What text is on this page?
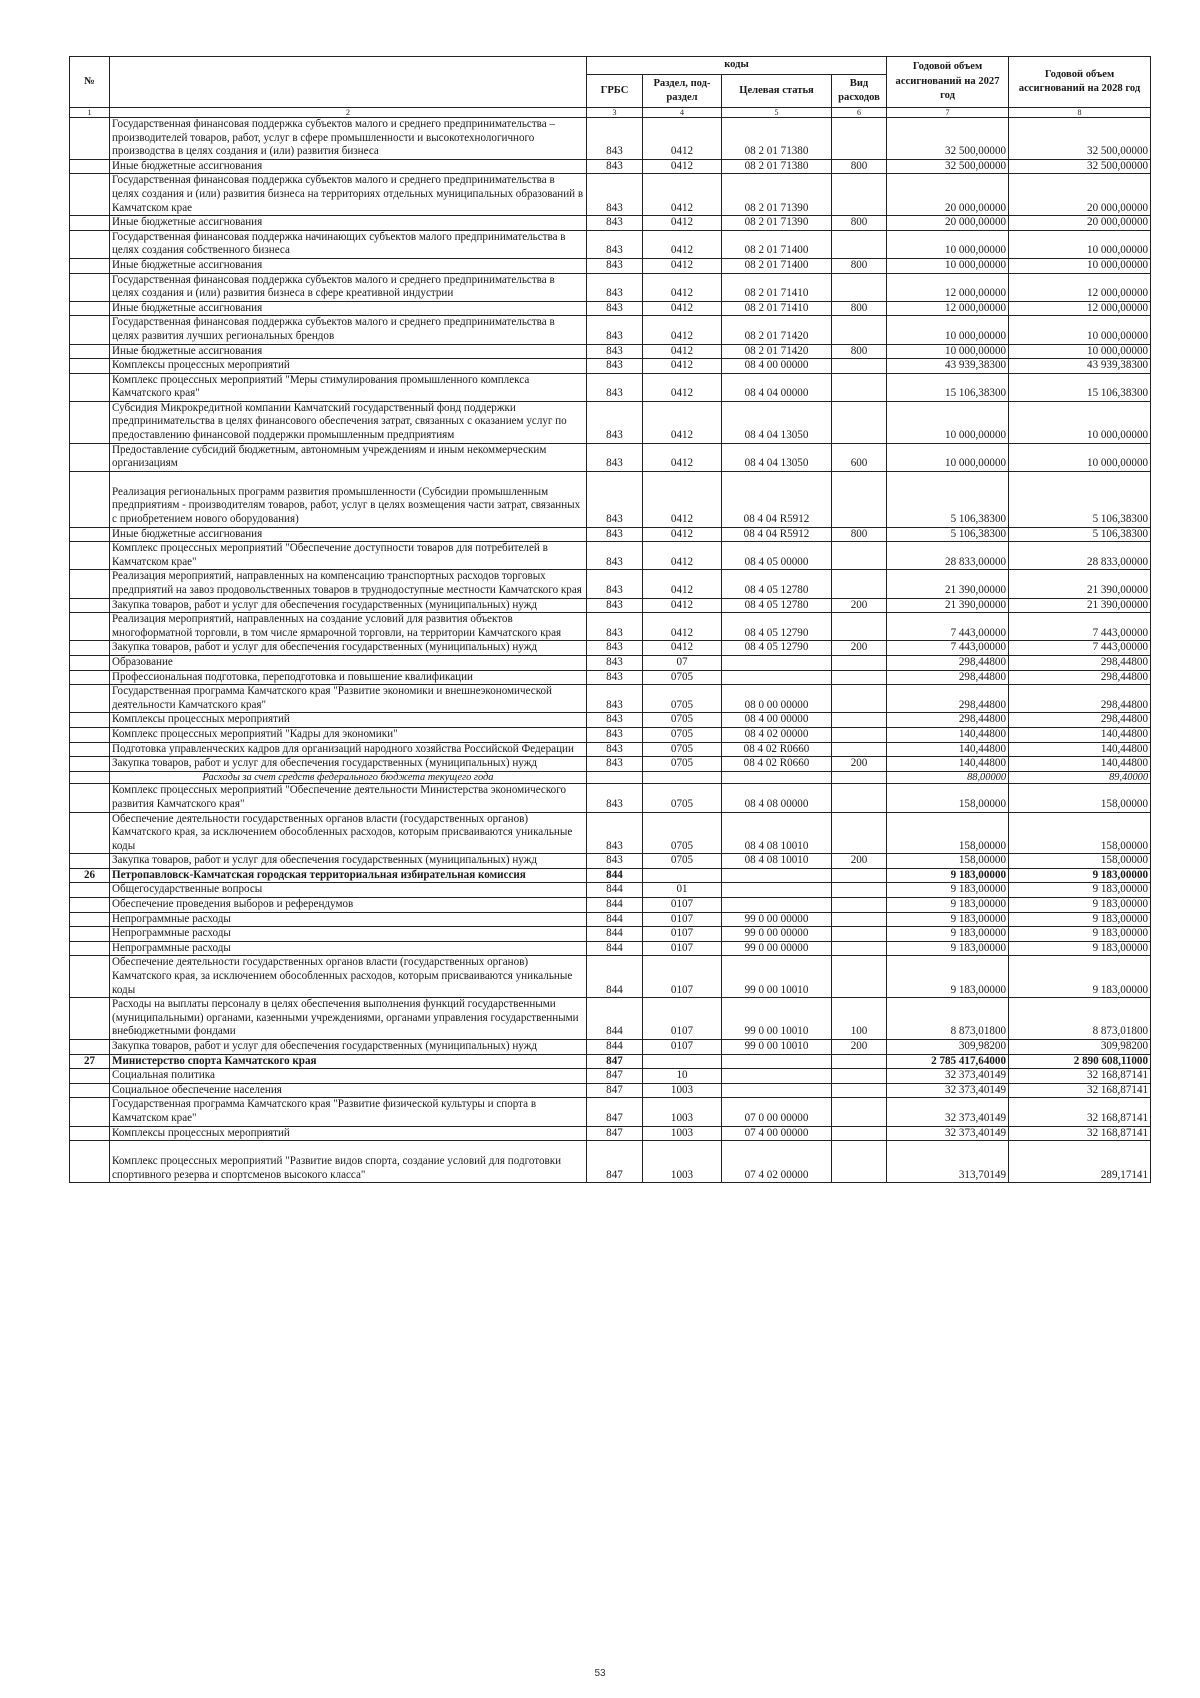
№		коды				Годовой объем ассигнований на 2027 год	Годовой объем ассигнований на 2028 год
		ГРБС	Раздел, под-раздел	Целевая статья	Вид расходов		
1	2	3	4	5	6	7	8
	Государственная финансовая поддержка субъектов малого и среднего предпринимательства – производителей товаров, работ, услуг в сфере промышленности и высокотехнологичного производства в целях создания и (или) развития бизнеса	843	0412	08 2 01 71380		32 500,00000	32 500,00000
	Иные бюджетные ассигнования	843	0412	08 2 01 71380	800	32 500,00000	32 500,00000
	Государственная финансовая поддержка субъектов малого и среднего предпринимательства в целях создания и (или) развития бизнеса на территориях отдельных муниципальных образований в Камчатском крае	843	0412	08 2 01 71390		20 000,00000	20 000,00000
	Иные бюджетные ассигнования	843	0412	08 2 01 71390	800	20 000,00000	20 000,00000
	Государственная финансовая поддержка начинающих субъектов малого предпринимательства в целях создания собственного бизнеса	843	0412	08 2 01 71400		10 000,00000	10 000,00000
	Иные бюджетные ассигнования	843	0412	08 2 01 71400	800	10 000,00000	10 000,00000
	Государственная финансовая поддержка субъектов малого и среднего предпринимательства в целях создания и (или) развития бизнеса в сфере креативной индустрии	843	0412	08 2 01 71410		12 000,00000	12 000,00000
	Иные бюджетные ассигнования	843	0412	08 2 01 71410	800	12 000,00000	12 000,00000
	Государственная финансовая поддержка субъектов малого и среднего предпринимательства в целях развития лучших региональных брендов	843	0412	08 2 01 71420		10 000,00000	10 000,00000
	Иные бюджетные ассигнования	843	0412	08 2 01 71420	800	10 000,00000	10 000,00000
	Комплексы процессных мероприятий	843	0412	08 4 00 00000		43 939,38300	43 939,38300
	Комплекс процессных мероприятий "Меры стимулирования промышленного комплекса Камчатского края"	843	0412	08 4 04 00000		15 106,38300	15 106,38300
	Субсидия Микрокредитной компании Камчатский государственный фонд поддержки предпринимательства в целях финансового обеспечения затрат, связанных с оказанием услуг по предоставлению финансовой поддержки промышленным предприятиям	843	0412	08 4 04 13050		10 000,00000	10 000,00000
	Предоставление субсидий бюджетным, автономным учреждениям и иным некоммерческим организациям	843	0412	08 4 04 13050	600	10 000,00000	10 000,00000
	Реализация региональных программ развития промышленности (Субсидии промышленным предприятиям - производителям товаров, работ, услуг в целях возмещения части затрат, связанных с приобретением нового оборудования)	843	0412	08 4 04 R5912		5 106,38300	5 106,38300
	Иные бюджетные ассигнования	843	0412	08 4 04 R5912	800	5 106,38300	5 106,38300
	Комплекс процессных мероприятий "Обеспечение доступности товаров для потребителей в Камчатском крае"	843	0412	08 4 05 00000		28 833,00000	28 833,00000
	Реализация мероприятий, направленных на компенсацию транспортных расходов торговых предприятий на завоз продовольственных товаров в труднодоступные местности Камчатского края	843	0412	08 4 05 12780		21 390,00000	21 390,00000
	Закупка товаров, работ и услуг для обеспечения государственных (муниципальных) нужд	843	0412	08 4 05 12780	200	21 390,00000	21 390,00000
	Реализация мероприятий, направленных на создание условий для развития объектов многоформатной торговли, в том числе ярмарочной торговли, на территории Камчатского края	843	0412	08 4 05 12790		7 443,00000	7 443,00000
	Закупка товаров, работ и услуг для обеспечения государственных (муниципальных) нужд	843	0412	08 4 05 12790	200	7 443,00000	7 443,00000
	Образование	843	07			298,44800	298,44800
	Профессиональная подготовка, переподготовка и повышение квалификации	843	0705			298,44800	298,44800
	Государственная программа Камчатского края "Развитие экономики и внешнеэкономической деятельности Камчатского края"	843	0705	08 0 00 00000		298,44800	298,44800
	Комплексы процессных мероприятий	843	0705	08 4 00 00000		298,44800	298,44800
	Комплекс процессных мероприятий "Кадры для экономики"	843	0705	08 4 02 00000		140,44800	140,44800
	Подготовка управленческих кадров для организаций народного хозяйства Российской Федерации	843	0705	08 4 02 R0660		140,44800	140,44800
	Закупка товаров, работ и услуг для обеспечения государственных (муниципальных) нужд	843	0705	08 4 02 R0660	200	140,44800	140,44800
	Расходы за счет средств федерального бюджета текущего года					88,00000	89,40000
	Комплекс процессных мероприятий "Обеспечение деятельности Министерства экономического развития Камчатского края"	843	0705	08 4 08 00000		158,00000	158,00000
	Обеспечение деятельности государственных органов власти (государственных органов) Камчатского края, за исключением обособленных расходов, которым присваиваются уникальные коды	843	0705	08 4 08 10010		158,00000	158,00000
	Закупка товаров, работ и услуг для обеспечения государственных (муниципальных) нужд	843	0705	08 4 08 10010	200	158,00000	158,00000
26	Петропавловск-Камчатская городская территориальная избирательная комиссия	844				9 183,00000	9 183,00000
	Общегосударственные вопросы	844	01			9 183,00000	9 183,00000
	Обеспечение проведения выборов и референдумов	844	0107			9 183,00000	9 183,00000
	Непрограммные расходы	844	0107	99 0 00 00000		9 183,00000	9 183,00000
	Непрограммные расходы	844	0107	99 0 00 00000		9 183,00000	9 183,00000
	Непрограммные расходы	844	0107	99 0 00 00000		9 183,00000	9 183,00000
	Обеспечение деятельности государственных органов власти (государственных органов) Камчатского края, за исключением обособленных расходов, которым присваиваются уникальные коды	844	0107	99 0 00 10010		9 183,00000	9 183,00000
	Расходы на выплаты персоналу в целях обеспечения выполнения функций государственными (муниципальными) органами, казенными учреждениями, органами управления государственными внебюджетными фондами	844	0107	99 0 00 10010	100	8 873,01800	8 873,01800
	Закупка товаров, работ и услуг для обеспечения государственных (муниципальных) нужд	844	0107	99 0 00 10010	200	309,98200	309,98200
27	Министерство спорта Камчатского края	847				2 785 417,64000	2 890 608,11000
	Социальная политика	847	10			32 373,40149	32 168,87141
	Социальное обеспечение населения	847	1003			32 373,40149	32 168,87141
	Государственная программа Камчатского края "Развитие физической культуры и спорта в Камчатском крае"	847	1003	07 0 00 00000		32 373,40149	32 168,87141
	Комплексы процессных мероприятий	847	1003	07 4 00 00000		32 373,40149	32 168,87141
	Комплекс процессных мероприятий "Развитие видов спорта, создание условий для подготовки спортивного резерва и спортсменов высокого класса"	847	1003	07 4 02 00000		313,70149	289,17141
53
